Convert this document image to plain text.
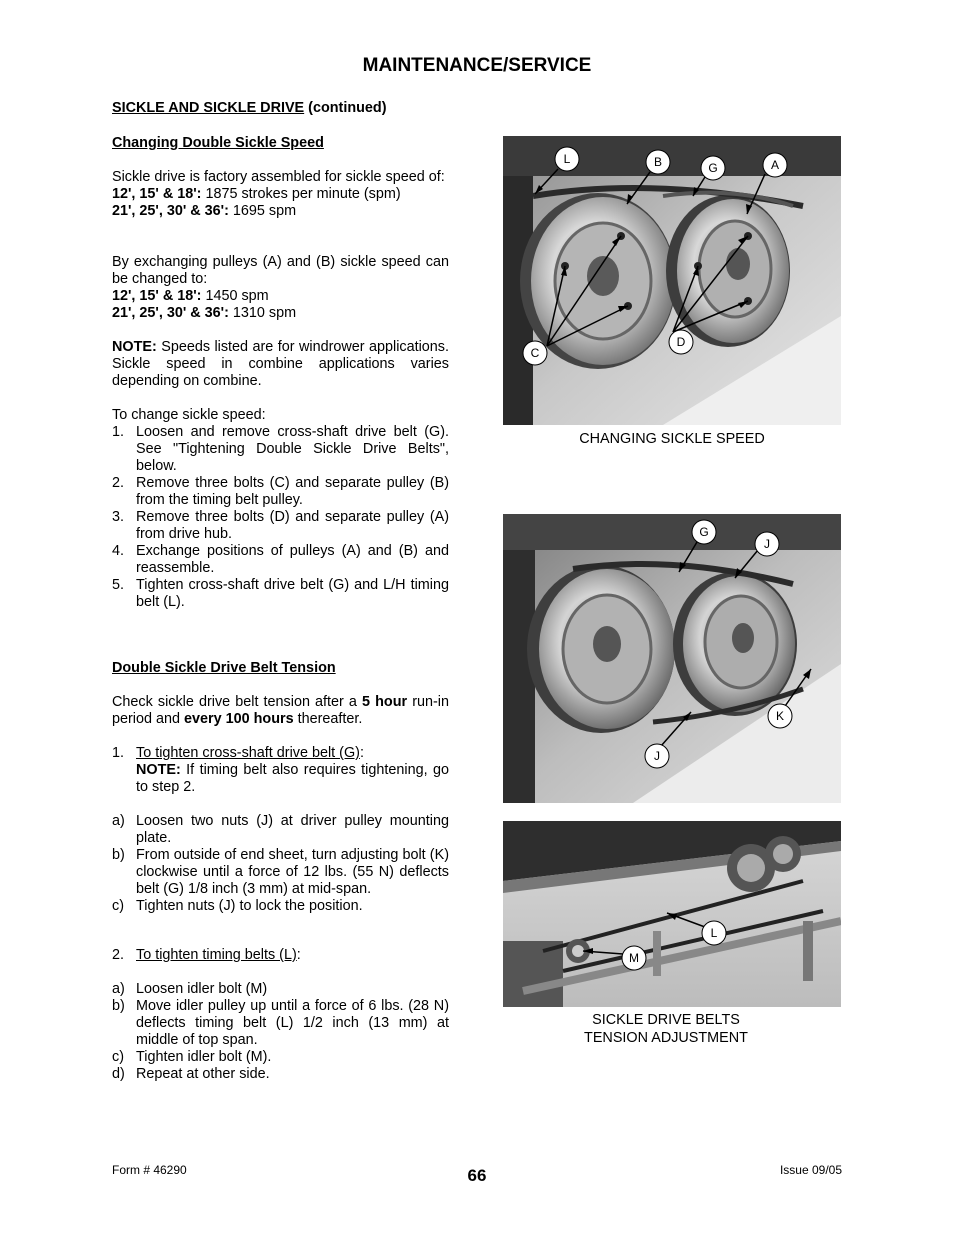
MAINTENANCE/SERVICE
SICKLE AND SICKLE DRIVE (continued)
Changing Double Sickle Speed

Sickle drive is factory assembled for sickle speed of:

12', 15' & 18': 1875 strokes per minute (spm)

21', 25', 30' & 36': 1695 spm

By exchanging pulleys (A) and (B) sickle speed can be changed to:

12', 15' & 18': 1450 spm

21', 25', 30' & 36': 1310 spm

NOTE: Speeds listed are for windrower applications. Sickle speed in combine applications varies depending on combine.

To change sickle speed:

1. Loosen and remove cross-shaft drive belt (G). See "Tightening Double Sickle Drive Belts", below.

2. Remove three bolts (C) and separate pulley (B) from the timing belt pulley.

3. Remove three bolts (D) and separate pulley (A) from drive hub.

4. Exchange positions of pulleys (A) and (B) and reassemble.

5. Tighten cross-shaft drive belt (G) and L/H timing belt (L).

Double Sickle Drive Belt Tension
Check sickle drive belt tension after a 5 hour run-in period and every 100 hours thereafter.

1. To tighten cross-shaft drive belt (G):
NOTE: If timing belt also requires tightening, go to step 2.

a) Loosen two nuts (J) at driver pulley mounting plate.

b) From outside of end sheet, turn adjusting bolt (K) clockwise until a force of 12 lbs. (55 N) deflects belt (G) 1/8 inch (3 mm) at mid-span.

c) Tighten nuts (J) to lock the position.

2. To tighten timing belts (L):

a) Loosen idler bolt (M)

b) Move idler pulley up until a force of 6 lbs. (28 N) deflects timing belt (L) 1/2 inch (13 mm) at middle of top span.

c) Tighten idler bolt (M).

d) Repeat at other side.

L	B	G	A
C
D
CHANGING SICKLE SPEED
G
J
K
J
L
M
SICKLE DRIVE BELTS
TENSION ADJUSTMENT
Form # 46290	66	Issue 09/05
